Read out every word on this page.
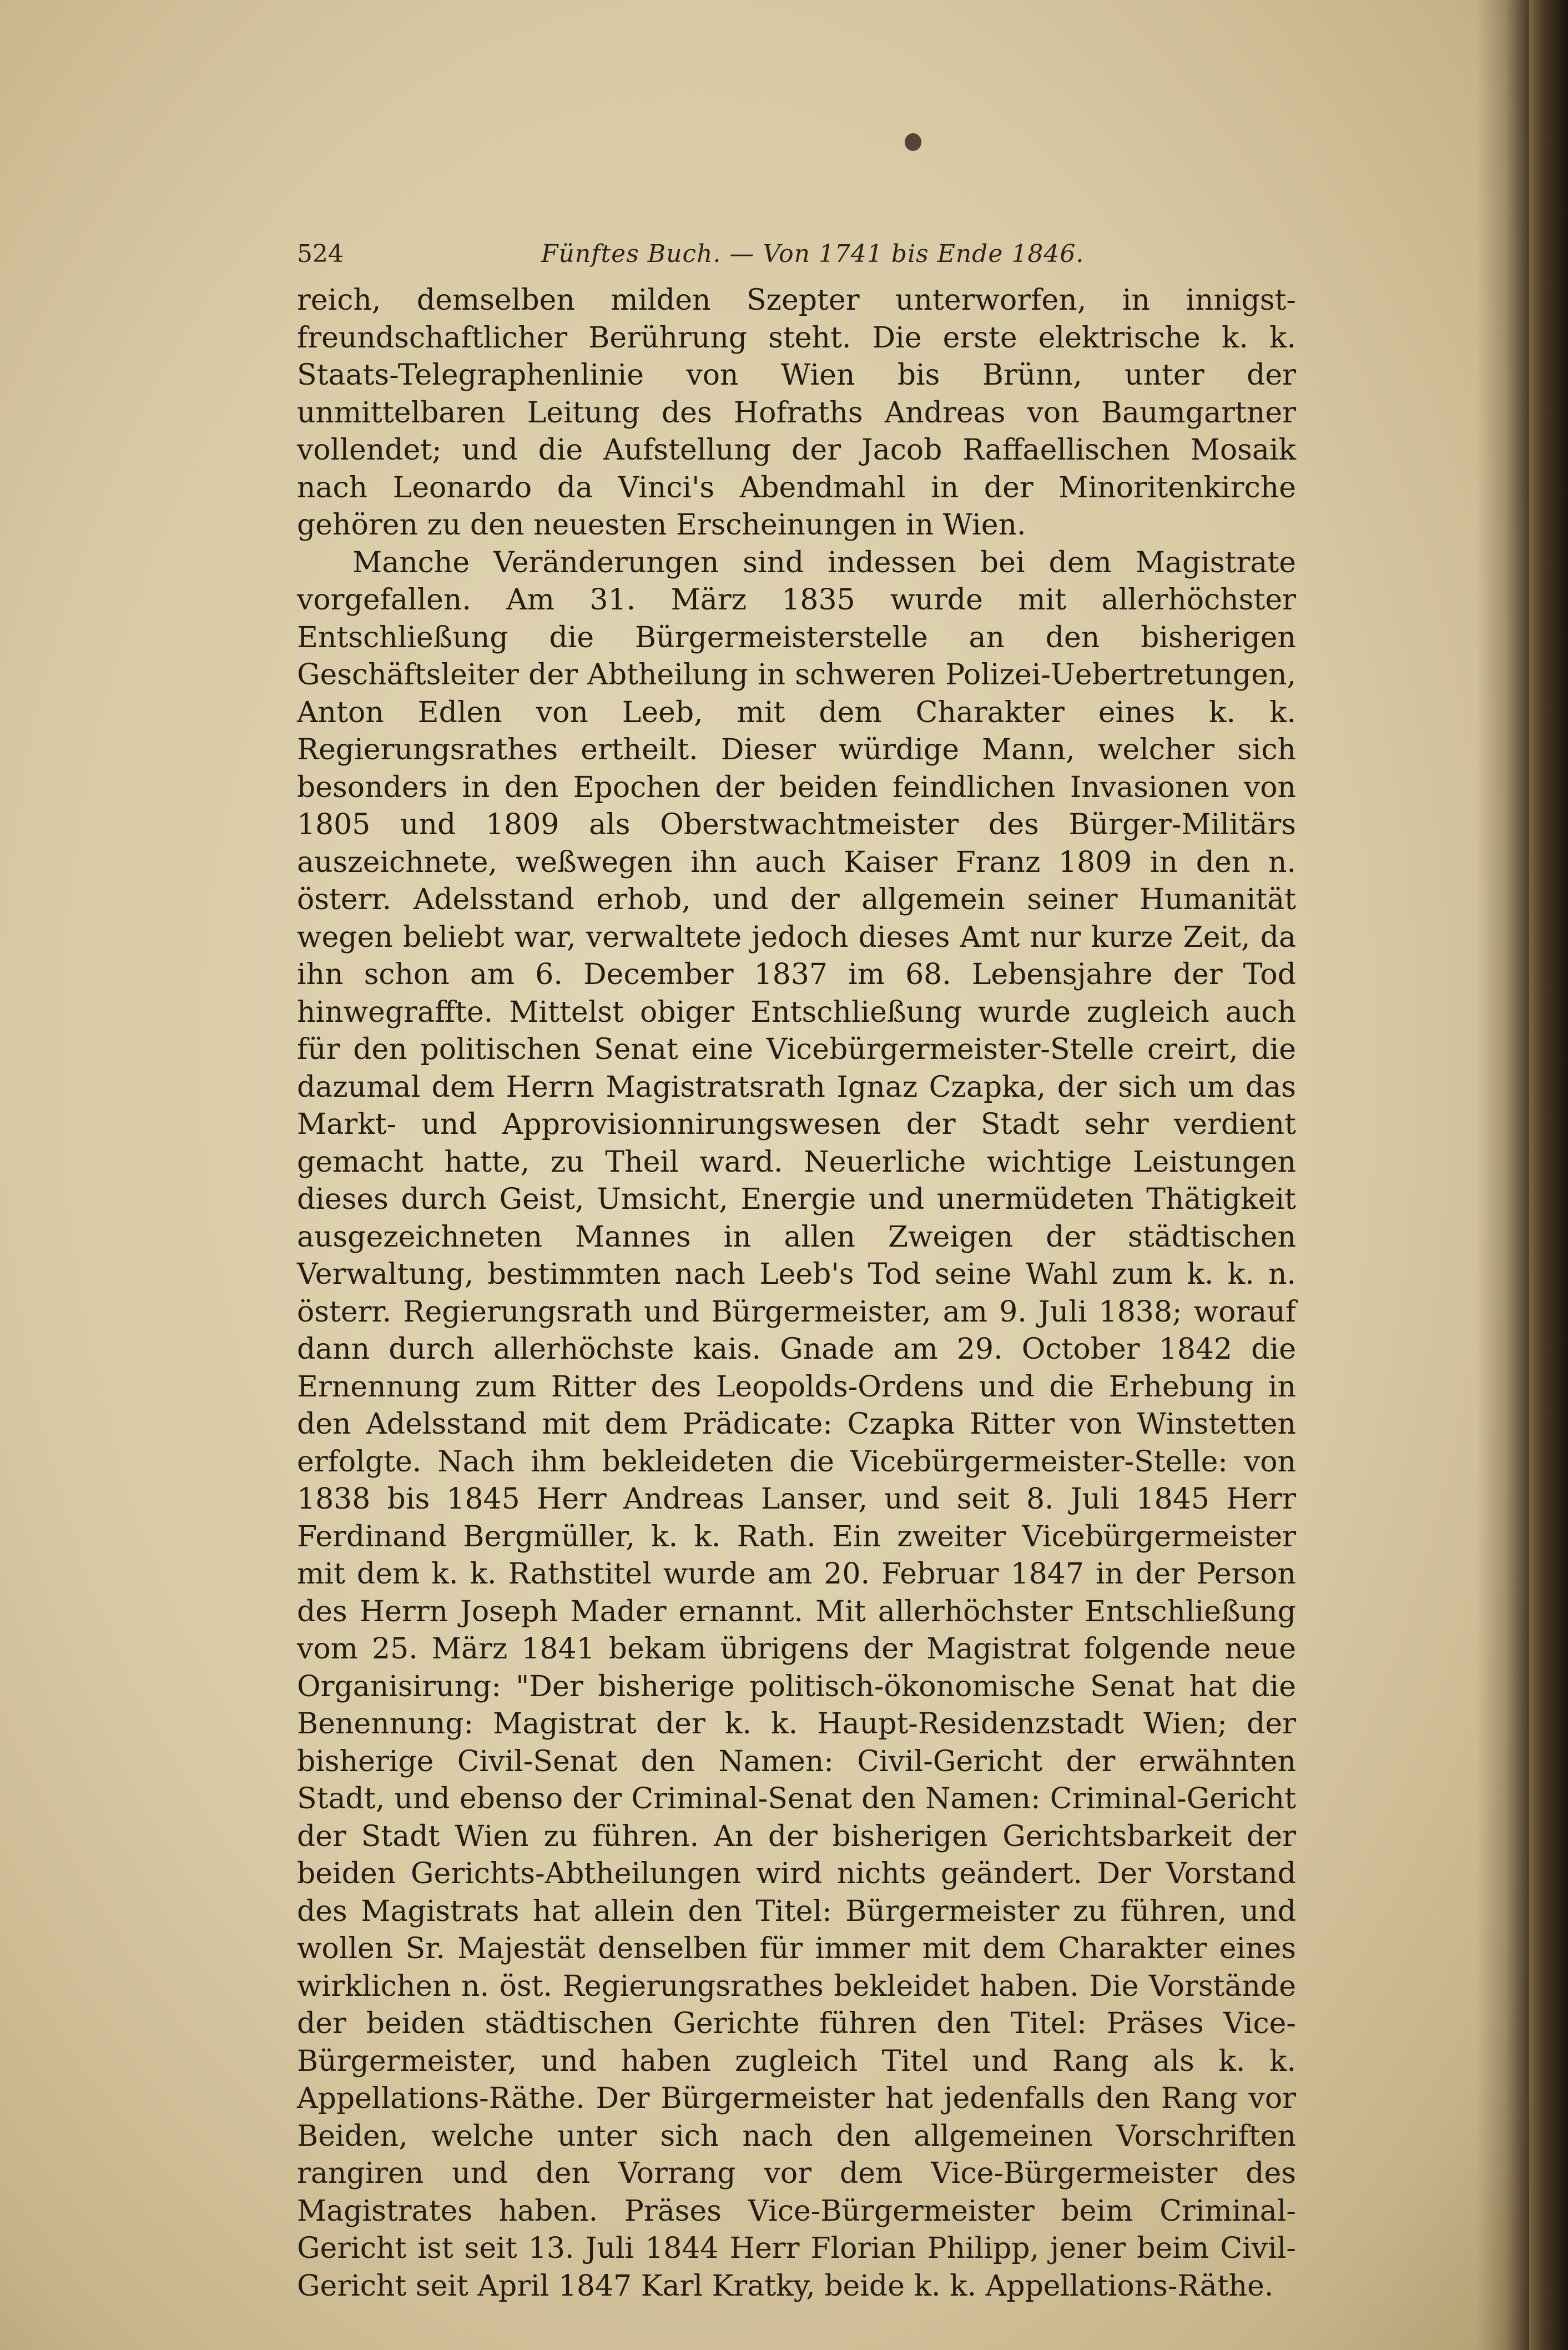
524	Fünftes Buch. — Von 1741 bis Ende 1846.

reich, demselben milden Szepter unterworfen, in innigst-freundschaftlicher Berührung steht. Die erste elektrische k. k. Staats-Telegraphenlinie von Wien bis Brünn, unter der unmittelbaren Leitung des Hofraths Andreas von Baumgartner vollendet; und die Aufstellung der Jacob Raffaellischen Mosaik nach Leonardo da Vinci's Abendmahl in der Minoritenkirche gehören zu den neuesten Erscheinungen in Wien.

Manche Veränderungen sind indessen bei dem Magistrate vorgefallen. Am 31. März 1835 wurde mit allerhöchster Entschließung die Bürgermeisterstelle an den bisherigen Geschäftsleiter der Abtheilung in schweren Polizei-Uebertretungen, Anton Edlen von Leeb, mit dem Charakter eines k. k. Regierungsrathes ertheilt. Dieser würdige Mann, welcher sich besonders in den Epochen der beiden feindlichen Invasionen von 1805 und 1809 als Oberstwachtmeister des Bürger-Militärs auszeichnete, weßwegen ihn auch Kaiser Franz 1809 in den n. österr. Adelsstand erhob, und der allgemein seiner Humanität wegen beliebt war, verwaltete jedoch dieses Amt nur kurze Zeit, da ihn schon am 6. December 1837 im 68. Lebensjahre der Tod hinwegraffte. Mittelst obiger Entschließung wurde zugleich auch für den politischen Senat eine Vicebürgermeister-Stelle creirt, die dazumal dem Herrn Magistratsrath Ignaz Czapka, der sich um das Markt- und Approvisionnirungswesen der Stadt sehr verdient gemacht hatte, zu Theil ward. Neuerliche wichtige Leistungen dieses durch Geist, Umsicht, Energie und unermüdeten Thätigkeit ausgezeichneten Mannes in allen Zweigen der städtischen Verwaltung, bestimmten nach Leeb's Tod seine Wahl zum k. k. n. österr. Regierungsrath und Bürgermeister, am 9. Juli 1838; worauf dann durch allerhöchste kais. Gnade am 29. October 1842 die Ernennung zum Ritter des Leopolds-Ordens und die Erhebung in den Adelsstand mit dem Prädicate: Czapka Ritter von Winstetten erfolgte. Nach ihm bekleideten die Vicebürgermeister-Stelle: von 1838 bis 1845 Herr Andreas Lanser, und seit 8. Juli 1845 Herr Ferdinand Bergmüller, k. k. Rath. Ein zweiter Vicebürgermeister mit dem k. k. Rathstitel wurde am 20. Februar 1847 in der Person des Herrn Joseph Mader ernannt. Mit allerhöchster Entschließung vom 25. März 1841 bekam übrigens der Magistrat folgende neue Organisirung: "Der bisherige politisch-ökonomische Senat hat die Benennung: Magistrat der k. k. Haupt-Residenzstadt Wien; der bisherige Civil-Senat den Namen: Civil-Gericht der erwähnten Stadt, und ebenso der Criminal-Senat den Namen: Criminal-Gericht der Stadt Wien zu führen. An der bisherigen Gerichtsbarkeit der beiden Gerichts-Abtheilungen wird nichts geändert. Der Vorstand des Magistrats hat allein den Titel: Bürgermeister zu führen, und wollen Sr. Majestät denselben für immer mit dem Charakter eines wirklichen n. öst. Regierungsrathes bekleidet haben. Die Vorstände der beiden städtischen Gerichte führen den Titel: Präses Vice-Bürgermeister, und haben zugleich Titel und Rang als k. k. Appellations-Räthe. Der Bürgermeister hat jedenfalls den Rang vor Beiden, welche unter sich nach den allgemeinen Vorschriften rangiren und den Vorrang vor dem Vice-Bürgermeister des Magistrates haben. Präses Vice-Bürgermeister beim Criminal-Gericht ist seit 13. Juli 1844 Herr Florian Philipp, jener beim Civil-Gericht seit April 1847 Karl Kratky, beide k. k. Appellations-Räthe.
